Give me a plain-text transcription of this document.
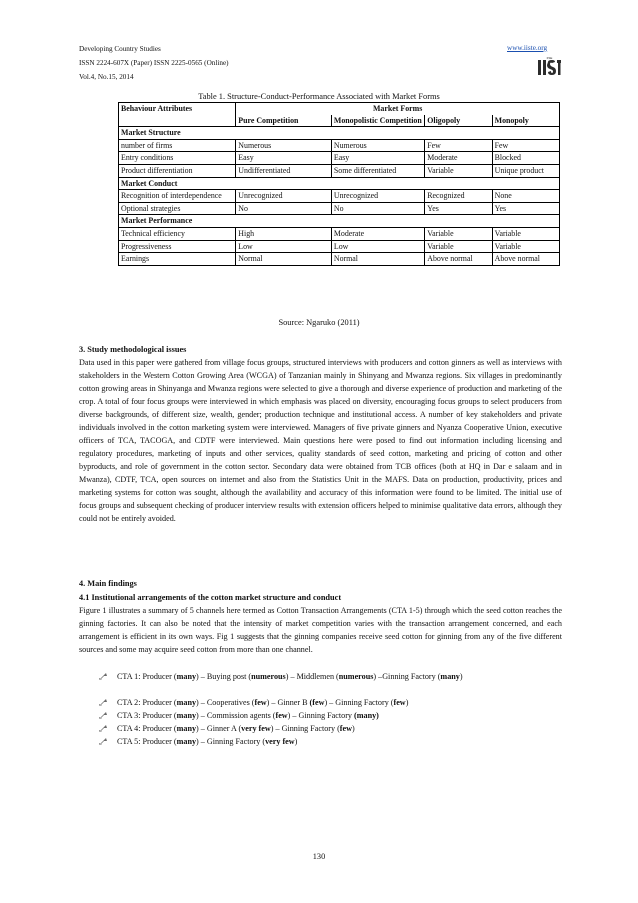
Developing Country Studies
ISSN 2224-607X (Paper) ISSN 2225-0565 (Online)
Vol.4, No.15, 2014
www.iiste.org
IISE
Table 1. Structure-Conduct-Performance Associated with Market Forms
Behaviour Attributes	Market Forms			
	Pure Competition	Monopolistic Competition	Oligopoly	Monopoly
Market Structure				
number of firms	Numerous	Numerous	Few	Few
Entry conditions	Easy	Easy	Moderate	Blocked
Product differentiation	Undifferentiated	Some differentiated	Variable	Unique product
Market Conduct				
Recognition of interdependence	Unrecognized	Unrecognized	Recognized	None
Optional strategies	No	No	Yes	Yes
Market Performance				
Technical efficiency	High	Moderate	Variable	Variable
Progressiveness	Low	Low	Variable	Variable
Earnings	Normal	Normal	Above normal	Above normal
Source: Ngaruko (2011)
3. Study methodological issues
Data used in this paper were gathered from village focus groups, structured interviews with producers and cotton ginners as well as interviews with stakeholders in the Western Cotton Growing Area (WCGA) of Tanzanian mainly in Shinyang and Mwanza regions. Six villages in predominantly cotton growing areas in Shinyanga and Mwanza regions were selected to give a thorough and diverse experience of production and marketing of the crop. A total of four focus groups were interviewed in which emphasis was placed on diversity, encouraging focus groups to select producers from diverse backgrounds, of different size, wealth, gender; production technique and institutional access. A number of key stakeholders and private individuals involved in the cotton marketing system were interviewed. Managers of five private ginners and Nyanza Cooperative Union, executive officers of TCA, TACOGA, and CDTF were interviewed. Main questions here were posed to find out information including licensing and regulatory procedures, marketing of inputs and other services, quality standards of seed cotton, marketing and pricing of cotton and other byproducts, and role of government in the cotton sector. Secondary data were obtained from TCB offices (both at HQ in Dar e salaam and in Mwanza), CDTF, TCA, open sources on internet and also from the Statistics Unit in the MAFS. Data on production, productivity, prices and marketing systems for cotton was sought, although the availability and accuracy of this information were found to be limited. The initial use of focus groups and subsequent checking of producer interview results with extension officers helped to minimise qualitative data errors, although they could not be entirely avoided.
4. Main findings
4.1 Institutional arrangements of the cotton market structure and conduct
Figure 1 illustrates a summary of 5 channels here termed as Cotton Transaction Arrangements (CTA 1-5) through which the seed cotton reaches the ginning factories. It can also be noted that the intensity of market competition varies with the transaction arrangement concerned, and each arrangement is efficient in its own ways. Fig 1 suggests that the ginning companies receive seed cotton for ginning from any of the five different sources and some may acquire seed cotton from more than one channel.
CTA 1: Producer (many) – Buying post (numerous) – Middlemen (numerous) –Ginning Factory (many)
CTA 2: Producer (many) – Cooperatives (few) – Ginner B (few) – Ginning Factory (few)
CTA 3: Producer (many) – Commission agents (few) – Ginning Factory (many)
CTA 4: Producer (many) – Ginner A (very few) – Ginning Factory (few)
CTA 5: Producer (many) – Ginning Factory (very few)
130
